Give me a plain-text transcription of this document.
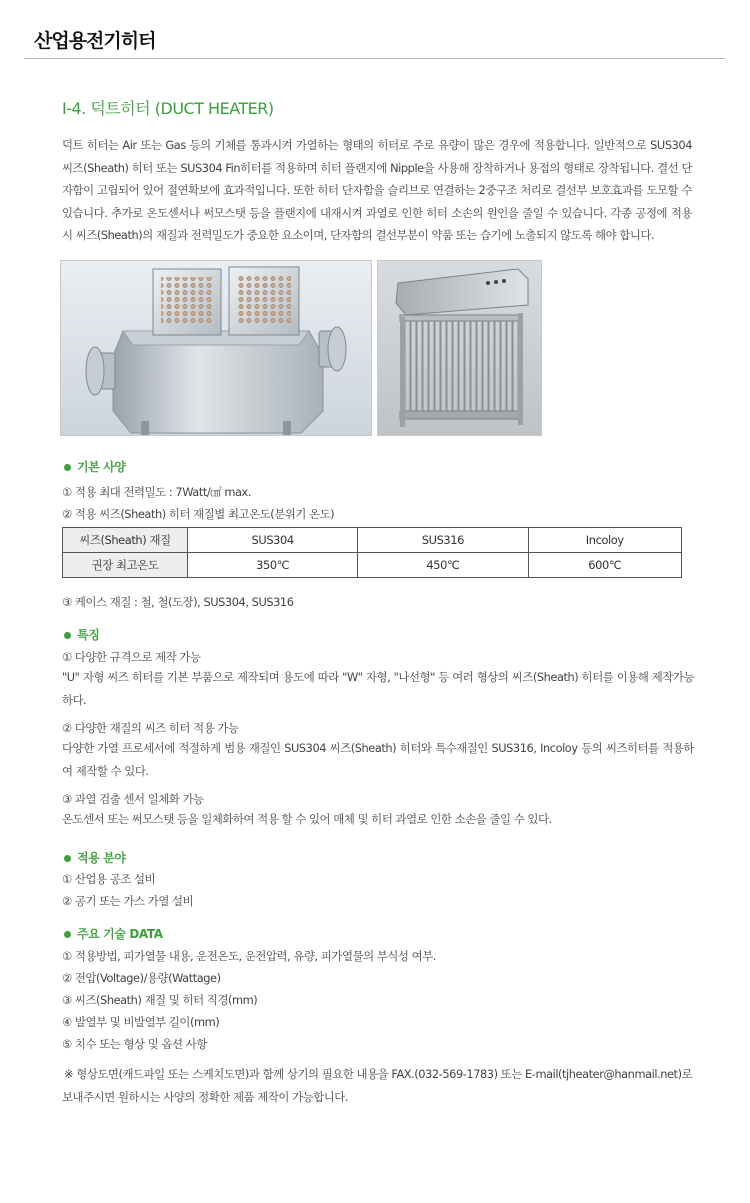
산업용전기히터
Ⅰ-4. 덕트히터 (DUCT HEATER)

덕트 히터는 Air 또는 Gas 등의 기체를 통과시켜 가열하는 형태의 히터로 주로 유량이 많은 경우에 적용합니다. 일반적으로 SUS304 씨즈(Sheath) 히터 또는 SUS304 Fin히터를 적용하며 히터 플랜지에 Nipple을 사용해 장착하거나 용접의 형태로 장착됩니다. 결선 단자함이 고립되어 있어 절연확보에 효과적입니다. 또한 히터 단자함을 슬리브로 연결하는 2중구조 처리로 결선부 보호효과를 도모할 수 있습니다. 추가로 온도센서나 써모스탯 등을 플랜지에 내재시켜 과열로 인한 히터 소손의 원인을 줄일 수 있습니다. 각종 공정에 적용 시 씨즈(Sheath)의 재질과 전력밀도가 중요한 요소이며, 단자함의 결선부분이 약품 또는 습기에 노출되지 않도록 해야 합니다.

기본 사양
① 적용 최대 전력밀도 : 7Watt/㎠ max.
② 적용 씨즈(Sheath) 히터 재질별 최고온도(분위기 온도)
씨즈(Sheath) 재질	SUS304	SUS316	Incoloy
권장 최고온도	350℃	450℃	600℃
③ 케이스 재질 : 철, 철(도장), SUS304, SUS316
특징
① 다양한 규격으로 제작 가능

"U" 자형 씨즈 히터를 기본 부품으로 제작되며 용도에 따라 "W" 자형, "나선형" 등 여러 형상의 씨즈(Sheath) 히터를 이용해 제작가능하다.

② 다양한 재질의 씨즈 히터 적용 가능

다양한 가열 프로세서에 적절하게 범용 재질인 SUS304 씨즈(Sheath) 히터와 특수재질인 SUS316, Incoloy 등의 씨즈히터를 적용하여 제작할 수 있다.

③ 과열 검출 센서 일체화 가능

온도센서 또는 써모스탯 등을 일체화하여 적용 할 수 있어 매체 및 히터 과열로 인한 소손을 줄일 수 있다.

적용 분야
① 산업용 공조 설비
② 공기 또는 가스 가열 설비
주요 기술 DATA
① 적용방법, 피가열물 내용, 운전온도, 운전압력, 유량, 피가열물의 부식성 여부.
② 전압(Voltage)/용량(Wattage)
③ 씨즈(Sheath) 재질 및 히터 직경(mm)
④ 발열부 및 비발열부 길이(mm)
⑤ 치수 또는 형상 및 옵션 사항

※ 형상도면(캐드파일 또는 스케치도면)과 함께 상기의 필요한 내용을 FAX.(032-569-1783) 또는 E-mail(tjheater@hanmail.net)로
보내주시면 원하시는 사양의 정확한 제품 제작이 가능합니다.
